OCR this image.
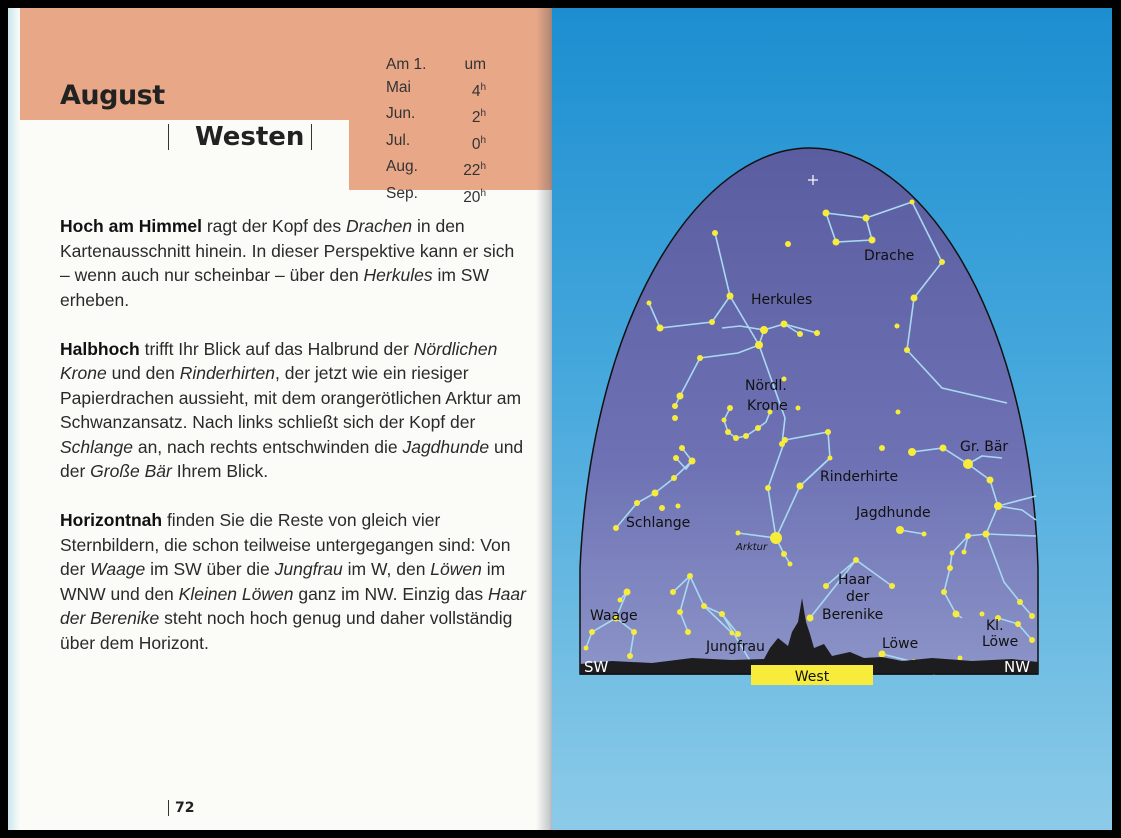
August
Westen
Am 1.	um
Mai	4$^h$
Jun.	2$^h$
Jul.	0$^h$
Aug.	22$^h$
Sep.	20$^h$

Hoch am Himmel ragt der Kopf des Drachen in den Kartenausschnitt hinein. In dieser Perspektive kann er sich – wenn auch nur scheinbar – über den Herkules im SW erheben.

Halbhoch trifft Ihr Blick auf das Halbrund der Nördlichen Krone und den Rinderhirten, der jetzt wie ein riesiger Papierdrachen aussieht, mit dem orangerötlichen Arktur am Schwanzansatz. Nach links schließt sich der Kopf der Schlange an, nach rechts entschwinden die Jagdhunde und der Große Bär Ihrem Blick.

Horizontnah finden Sie die Reste von gleich vier Sternbildern, die schon teilweise untergegangen sind: Von der Waage im SW über die Jungfrau im W, den Löwen im WNW und den Kleinen Löwen ganz im NW. Einzig das Haar der Berenike steht noch hoch genug und daher vollständig über dem Horizont.

72
Drache
Herkules
Nördl.
Krone
Gr. Bär
Rinderhirte
Jagdhunde
Schlange
Arktur
Haar
der
Berenike
Waage
Jungfrau	Löwe
Kl.
Löwe
SW	NW
West
